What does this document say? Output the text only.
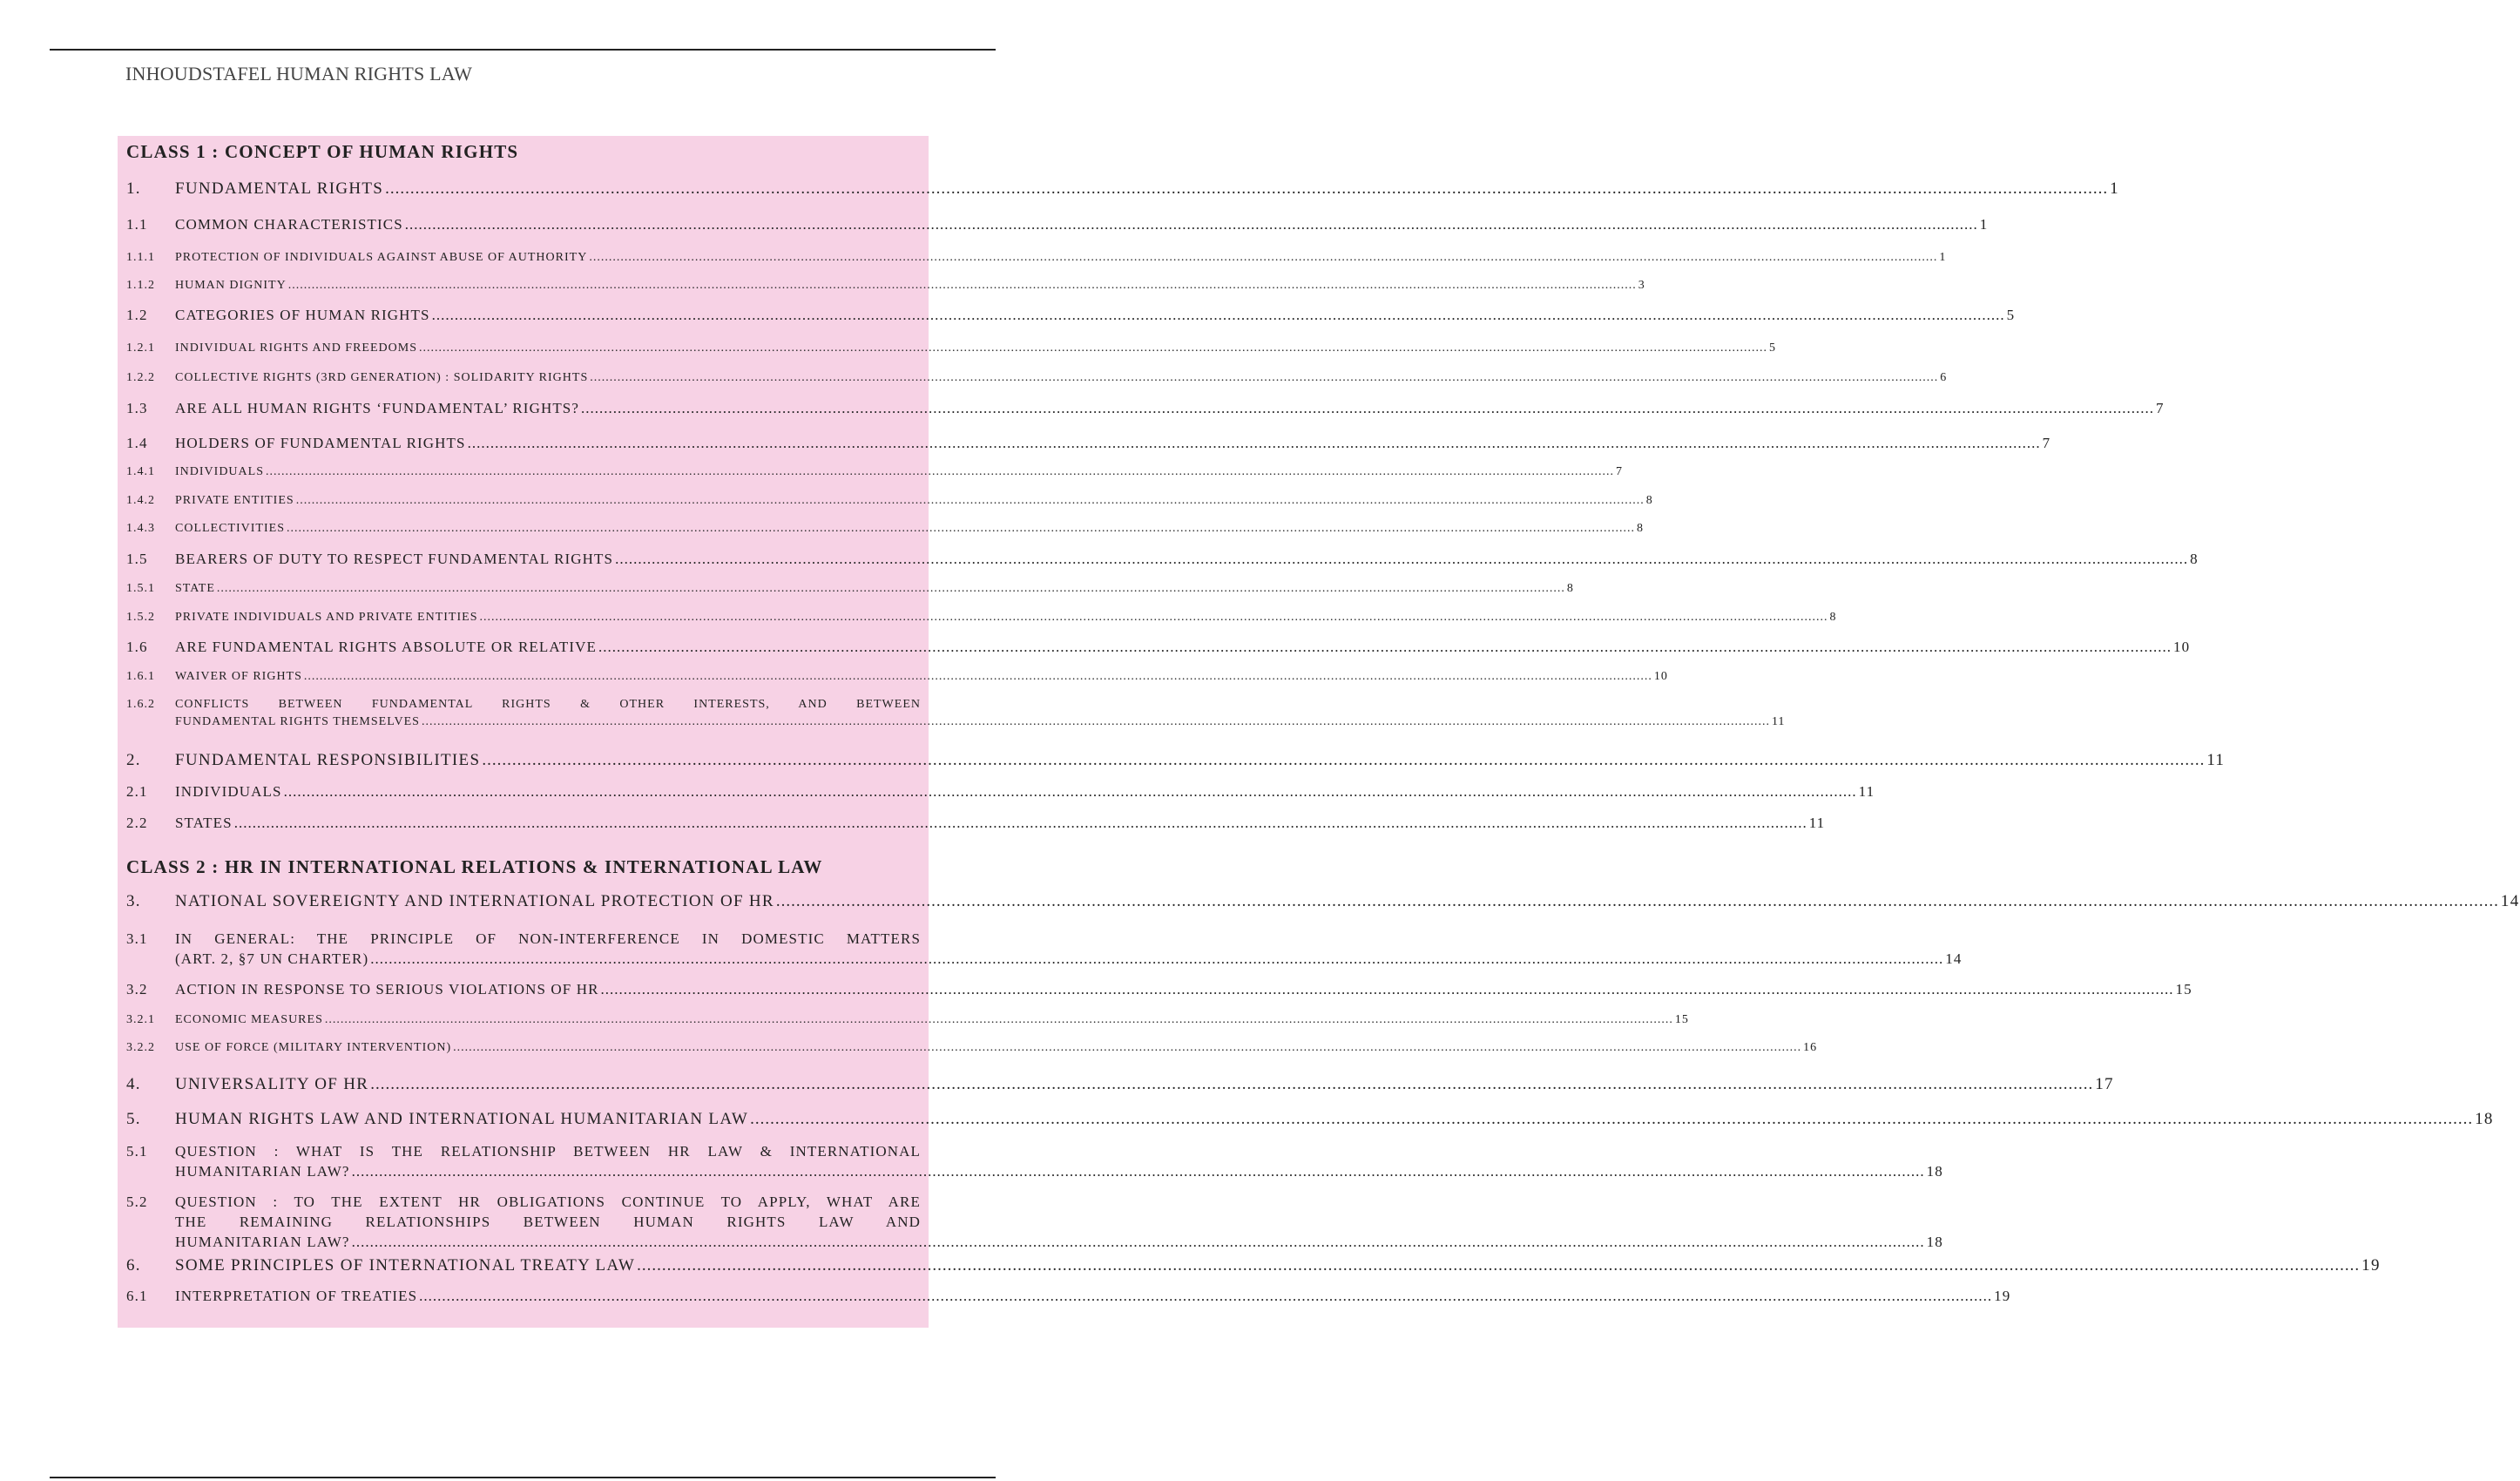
INHOUDSTAFEL HUMAN RIGHTS LAW
CLASS 1 : CONCEPT OF HUMAN RIGHTS
1.	FUNDAMENTAL RIGHTS .....	1
1.1	COMMON CHARACTERISTICS .....	1
1.1.1	PROTECTION OF INDIVIDUALS AGAINST ABUSE OF AUTHORITY .....	1
1.1.2	HUMAN DIGNITY .....	3
1.2	CATEGORIES OF HUMAN RIGHTS .....	5
1.2.1	INDIVIDUAL RIGHTS AND FREEDOMS .....	5
1.2.2	COLLECTIVE RIGHTS (3RD GENERATION) : SOLIDARITY RIGHTS .....	6
1.3	ARE ALL HUMAN RIGHTS ‘FUNDAMENTAL’ RIGHTS? .....	7
1.4	HOLDERS OF FUNDAMENTAL RIGHTS .....	7
1.4.1	INDIVIDUALS .....	7
1.4.2	PRIVATE ENTITIES .....	8
1.4.3	COLLECTIVITIES .....	8
1.5	BEARERS OF DUTY TO RESPECT FUNDAMENTAL RIGHTS .....	8
1.5.1	STATE .....	8
1.5.2	PRIVATE INDIVIDUALS AND PRIVATE ENTITIES .....	8
1.6	ARE FUNDAMENTAL RIGHTS ABSOLUTE OR RELATIVE .....	10
1.6.1	WAIVER OF RIGHTS .....	10
1.6.2	CONFLICTS BETWEEN FUNDAMENTAL RIGHTS & OTHER INTERESTS, AND BETWEEN
FUNDAMENTAL RIGHTS THEMSELVES .....	11
2.	FUNDAMENTAL RESPONSIBILITIES .....	11
2.1	INDIVIDUALS .....	11
2.2	STATES .....	11
CLASS 2 : HR IN INTERNATIONAL RELATIONS & INTERNATIONAL LAW
3.	NATIONAL SOVEREIGNTY AND INTERNATIONAL PROTECTION OF HR .....	14
3.1	IN GENERAL: THE PRINCIPLE OF NON-INTERFERENCE IN DOMESTIC MATTERS
(ART. 2, §7 UN CHARTER) .....	14
3.2	ACTION IN RESPONSE TO SERIOUS VIOLATIONS OF HR .....	15
3.2.1	ECONOMIC MEASURES .....	15
3.2.2	USE OF FORCE (MILITARY INTERVENTION) .....	16
4.	UNIVERSALITY OF HR .....	17
5.	HUMAN RIGHTS LAW AND INTERNATIONAL HUMANITARIAN LAW .....	18
5.1	QUESTION : WHAT IS THE RELATIONSHIP BETWEEN HR LAW & INTERNATIONAL
HUMANITARIAN LAW? .....	18
5.2	QUESTION : TO THE EXTENT HR OBLIGATIONS CONTINUE TO APPLY, WHAT ARE
THE REMAINING RELATIONSHIPS BETWEEN HUMAN RIGHTS LAW AND
HUMANITARIAN LAW? .....	18
6.	SOME PRINCIPLES OF INTERNATIONAL TREATY LAW .....	19
6.1	INTERPRETATION OF TREATIES .....	19
